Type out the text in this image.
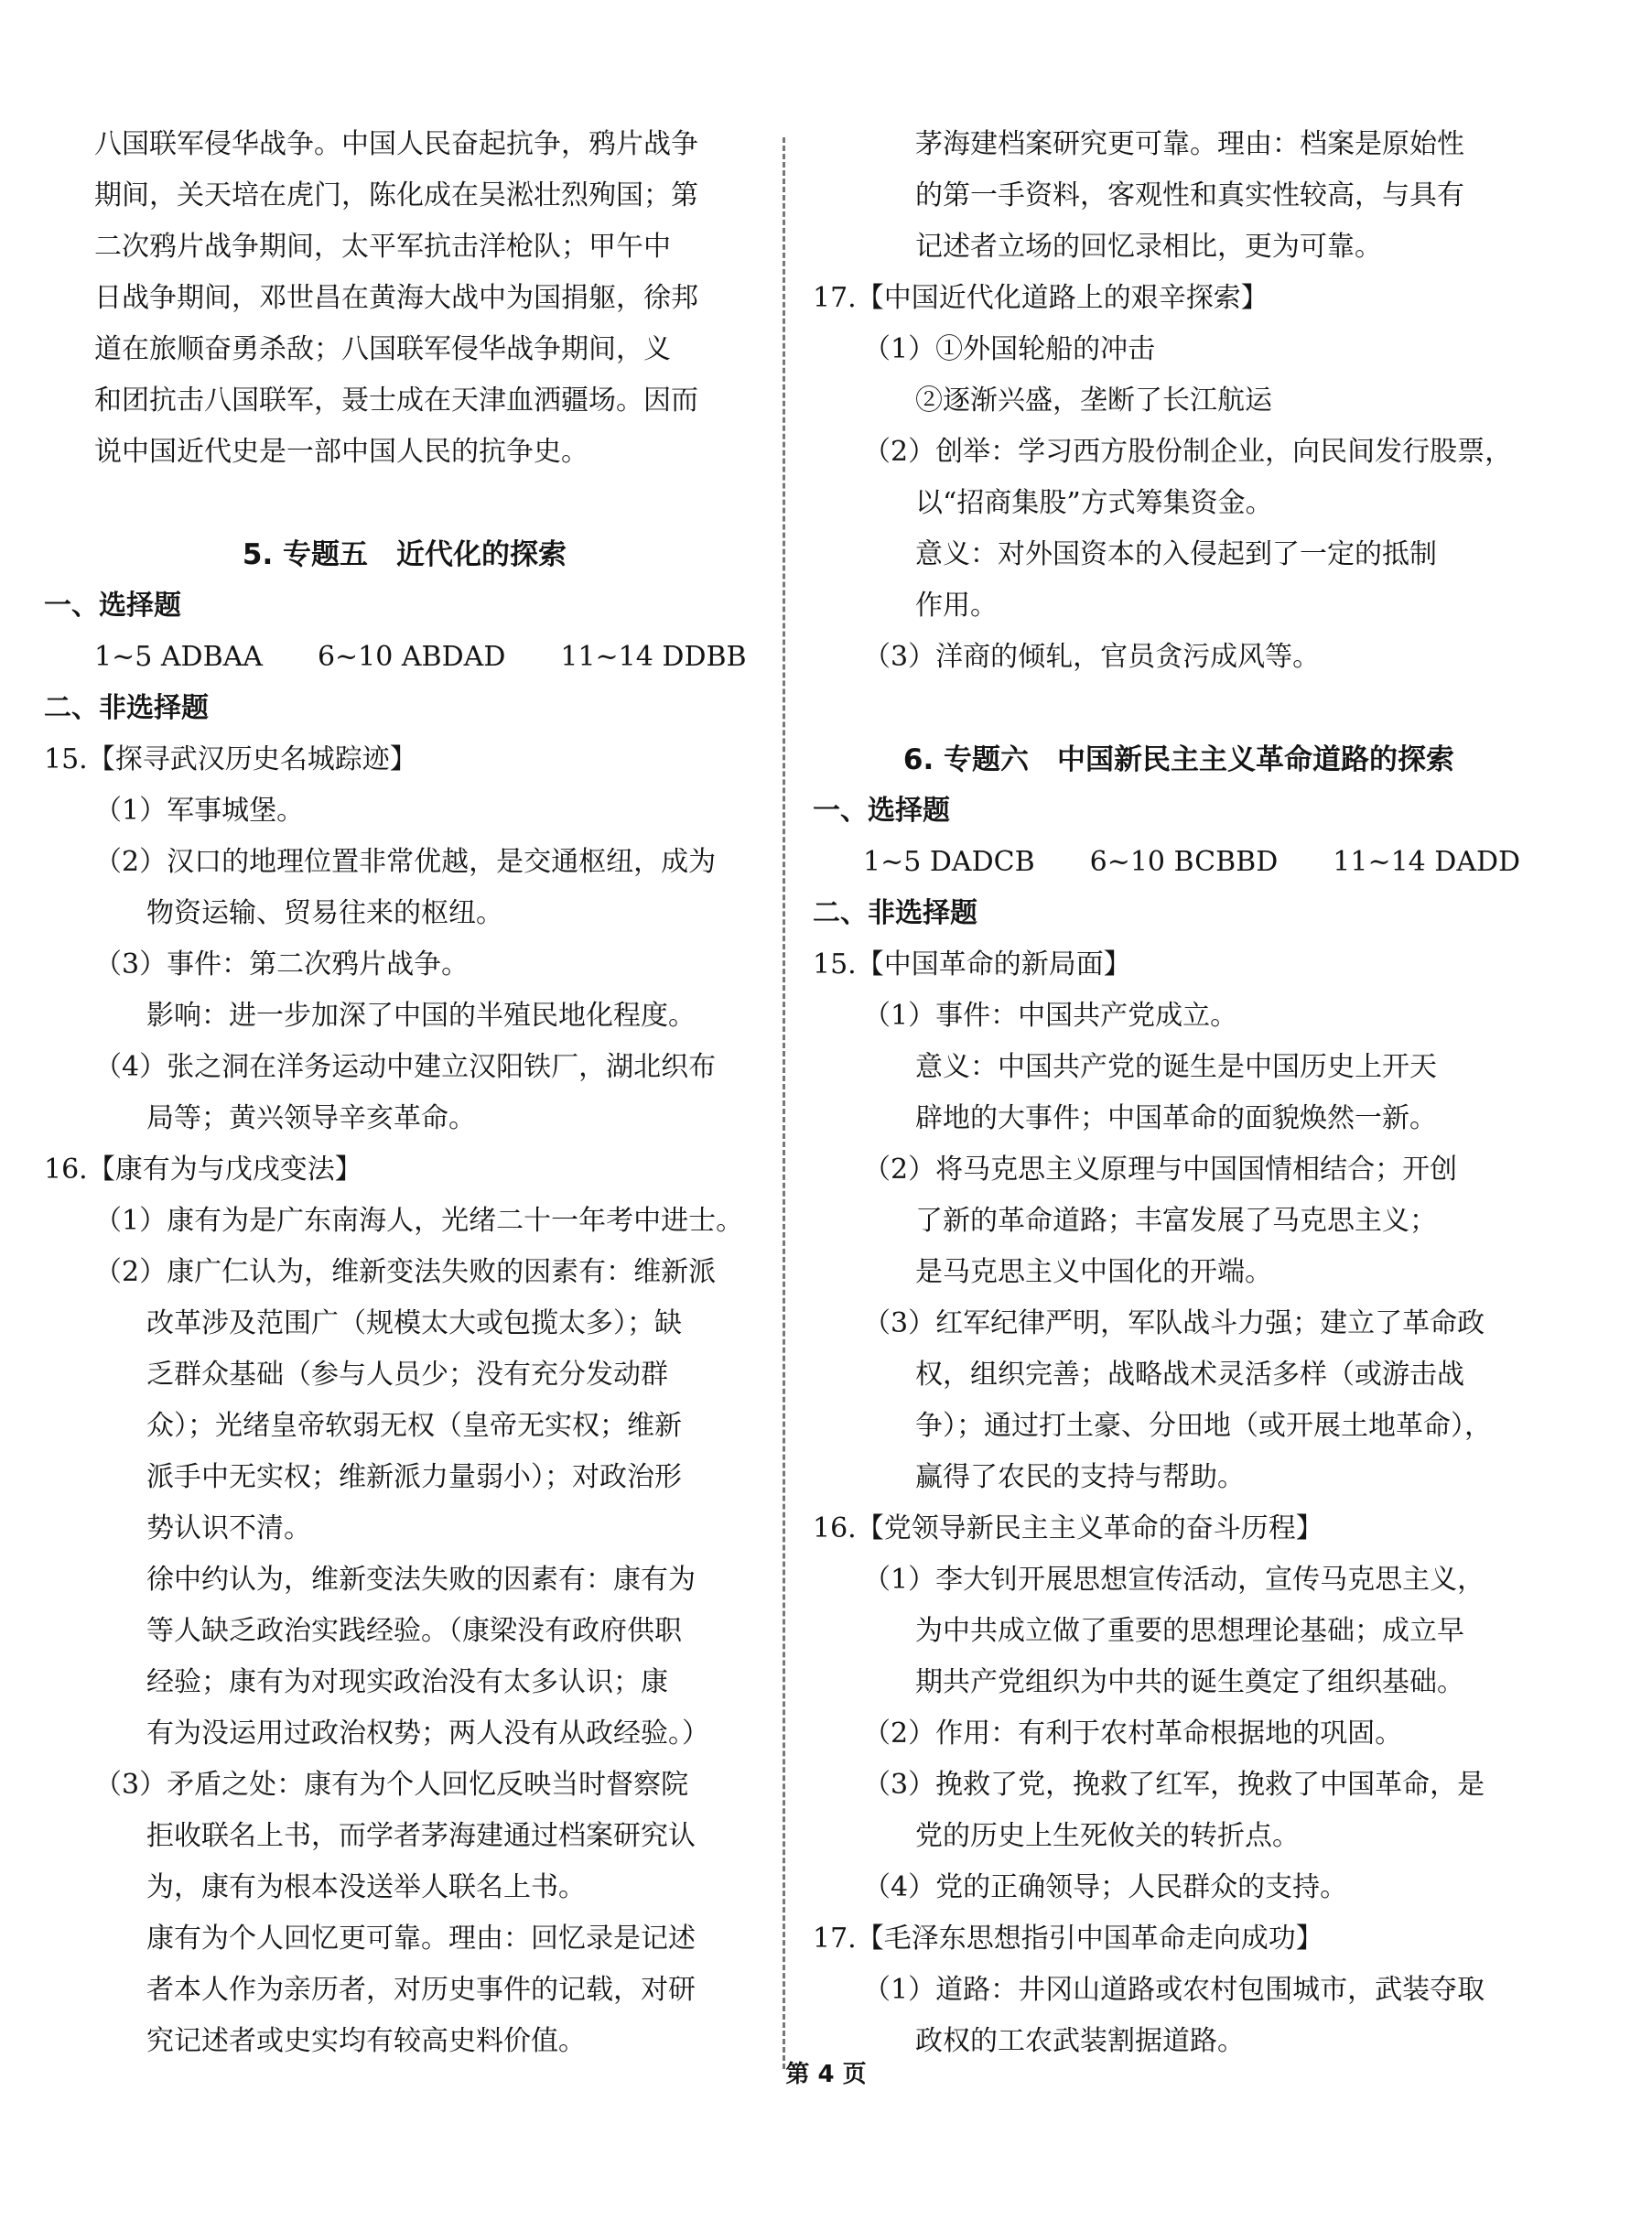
八国联军侵华战争。中国人民奋起抗争，鸦片战争
期间，关天培在虎门，陈化成在吴淞壮烈殉国；第
二次鸦片战争期间，太平军抗击洋枪队；甲午中
日战争期间，邓世昌在黄海大战中为国捐躯，徐邦
道在旅顺奋勇杀敌；八国联军侵华战争期间，义
和团抗击八国联军，聂士成在天津血洒疆场。因而
说中国近代史是一部中国人民的抗争史。
5. 专题五　近代化的探索
一、选择题
1~5 ADBAA 6~10 ABDAD 11~14 DDBB
二、非选择题
15.【探寻武汉历史名城踪迹】
（1）军事城堡。
（2）汉口的地理位置非常优越，是交通枢纽，成为
物资运输、贸易往来的枢纽。
（3）事件：第二次鸦片战争。
影响：进一步加深了中国的半殖民地化程度。
（4）张之洞在洋务运动中建立汉阳铁厂，湖北织布
局等；黄兴领导辛亥革命。
16.【康有为与戊戌变法】
（1）康有为是广东南海人，光绪二十一年考中进士。
（2）康广仁认为，维新变法失败的因素有：维新派
改革涉及范围广（规模太大或包揽太多）；缺
乏群众基础（参与人员少；没有充分发动群
众）；光绪皇帝软弱无权（皇帝无实权；维新
派手中无实权；维新派力量弱小）；对政治形
势认识不清。
徐中约认为，维新变法失败的因素有：康有为
等人缺乏政治实践经验。（康梁没有政府供职
经验；康有为对现实政治没有太多认识；康
有为没运用过政治权势；两人没有从政经验。）
（3）矛盾之处：康有为个人回忆反映当时督察院
拒收联名上书，而学者茅海建通过档案研究认
为，康有为根本没送举人联名上书。
康有为个人回忆更可靠。理由：回忆录是记述
者本人作为亲历者，对历史事件的记载，对研
究记述者或史实均有较高史料价值。
茅海建档案研究更可靠。理由：档案是原始性
的第一手资料，客观性和真实性较高，与具有
记述者立场的回忆录相比，更为可靠。
17.【中国近代化道路上的艰辛探索】
（1）①外国轮船的冲击
②逐渐兴盛，垄断了长江航运
（2）创举：学习西方股份制企业，向民间发行股票，
以“招商集股”方式筹集资金。
意义：对外国资本的入侵起到了一定的抵制
作用。
（3）洋商的倾轧，官员贪污成风等。
6. 专题六　中国新民主主义革命道路的探索
一、选择题
1~5 DADCB 6~10 BCBBD 11~14 DADD
二、非选择题
15.【中国革命的新局面】
（1）事件：中国共产党成立。
意义：中国共产党的诞生是中国历史上开天
辟地的大事件；中国革命的面貌焕然一新。
（2）将马克思主义原理与中国国情相结合；开创
了新的革命道路；丰富发展了马克思主义；
是马克思主义中国化的开端。
（3）红军纪律严明，军队战斗力强；建立了革命政
权，组织完善；战略战术灵活多样（或游击战
争）；通过打土豪、分田地（或开展土地革命），
赢得了农民的支持与帮助。
16.【党领导新民主主义革命的奋斗历程】
（1）李大钊开展思想宣传活动，宣传马克思主义，
为中共成立做了重要的思想理论基础；成立早
期共产党组织为中共的诞生奠定了组织基础。
（2）作用：有利于农村革命根据地的巩固。
（3）挽救了党，挽救了红军，挽救了中国革命，是
党的历史上生死攸关的转折点。
（4）党的正确领导；人民群众的支持。
17.【毛泽东思想指引中国革命走向成功】
（1）道路：井冈山道路或农村包围城市，武装夺取
政权的工农武装割据道路。
第 4 页
